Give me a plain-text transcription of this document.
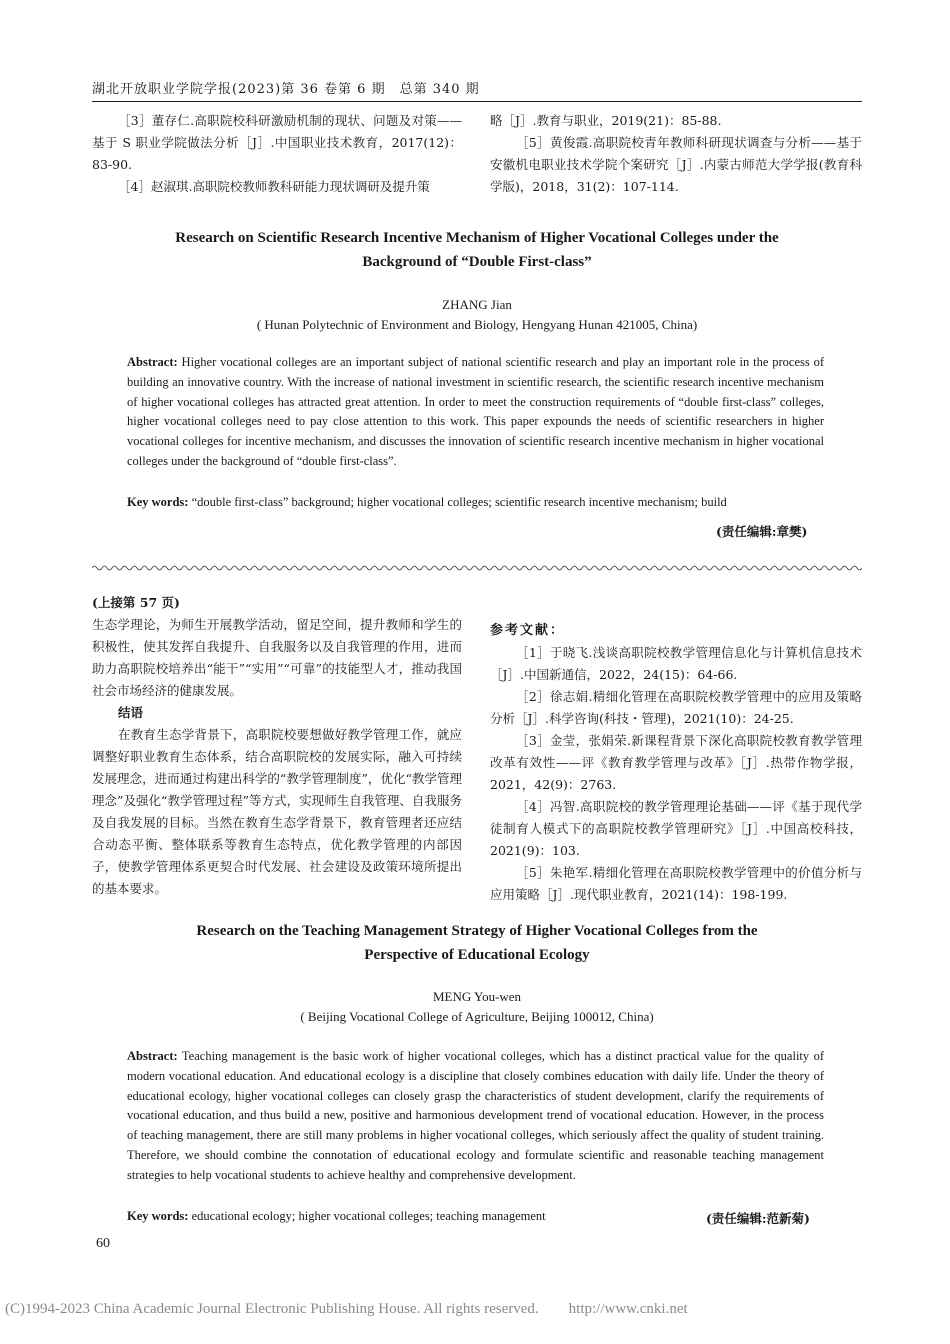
湖北开放职业学院学报(2023)第 36 卷第 6 期　总第 340 期

［3］董存仁.高职院校科研激励机制的现状、问题及对策——基于 S 职业学院做法分析［J］.中国职业技术教育，2017(12)：83-90.

［4］赵淑琪.高职院校教师教科研能力现状调研及提升策

略［J］.教育与职业，2019(21)：85-88.

［5］黄俊霞.高职院校青年教师科研现状调查与分析——基于安徽机电职业技术学院个案研究［J］.内蒙古师范大学学报(教育科学版)，2018，31(2)：107-114.

Research on Scientific Research Incentive Mechanism of Higher Vocational Colleges under the
Background of “Double First-class”
ZHANG Jian
( Hunan Polytechnic of Environment and Biology, Hengyang Hunan 421005, China)
Abstract: Higher vocational colleges are an important subject of national scientific research and play an important role in the process of building an innovative country. With the increase of national investment in scientific research, the scientific research incentive mechanism of higher vocational colleges has attracted great attention. In order to meet the construction requirements of “double first-class” colleges, higher vocational colleges need to pay close attention to this work. This paper expounds the needs of scientific researchers in higher vocational colleges for incentive mechanism, and discusses the innovation of scientific research incentive mechanism in higher vocational colleges under the background of “double first-class”.
Key words: “double first-class” background; higher vocational colleges; scientific research incentive mechanism; build
(责任编辑:章樊)
(上接第 57 页)

生态学理论，为师生开展教学活动，留足空间，提升教师和学生的积极性，使其发挥自我提升、自我服务以及自我管理的作用，进而助力高职院校培养出“能干”“实用”“可靠”的技能型人才，推动我国社会市场经济的健康发展。

结语

在教育生态学背景下，高职院校要想做好教学管理工作，就应调整好职业教育生态体系，结合高职院校的发展实际，融入可持续发展理念，进而通过构建出科学的“教学管理制度”，优化“教学管理理念”及强化“教学管理过程”等方式，实现师生自我管理、自我服务及自我发展的目标。当然在教育生态学背景下，教育管理者还应结合动态平衡、整体联系等教育生态特点，优化教学管理的内部因子，使教学管理体系更契合时代发展、社会建设及政策环境所提出的基本要求。

参考文献：

［1］于晓飞.浅谈高职院校教学管理信息化与计算机信息技术［J］.中国新通信，2022，24(15)：64-66.

［2］徐志娟.精细化管理在高职院校教学管理中的应用及策略分析［J］.科学咨询(科技・管理)，2021(10)：24-25.

［3］金莹，张娟荣.新课程背景下深化高职院校教育教学管理改革有效性——评《教育教学管理与改革》［J］.热带作物学报，2021，42(9)：2763.

［4］冯智.高职院校的教学管理理论基础——评《基于现代学徒制育人模式下的高职院校教学管理研究》［J］.中国高校科技，2021(9)：103.

［5］朱艳军.精细化管理在高职院校教学管理中的价值分析与应用策略［J］.现代职业教育，2021(14)：198-199.

Research on the Teaching Management Strategy of Higher Vocational Colleges from the
Perspective of Educational Ecology
MENG You-wen
( Beijing Vocational College of Agriculture, Beijing 100012, China)
Abstract: Teaching management is the basic work of higher vocational colleges, which has a distinct practical value for the quality of modern vocational education. And educational ecology is a discipline that closely combines education with daily life. Under the theory of educational ecology, higher vocational colleges can closely grasp the characteristics of student development, clarify the requirements of vocational education, and thus build a new, positive and harmonious development trend of vocational education. However, in the process of teaching management, there are still many problems in higher vocational colleges, which seriously affect the quality of student training. Therefore, we should combine the connotation of educational ecology and formulate scientific and reasonable teaching management strategies to help vocational students to achieve healthy and comprehensive development.
Key words: educational ecology; higher vocational colleges; teaching management	(责任编辑:范新菊)
60
(C)1994-2023 China Academic Journal Electronic Publishing House. All rights reserved.　　http://www.cnki.net
